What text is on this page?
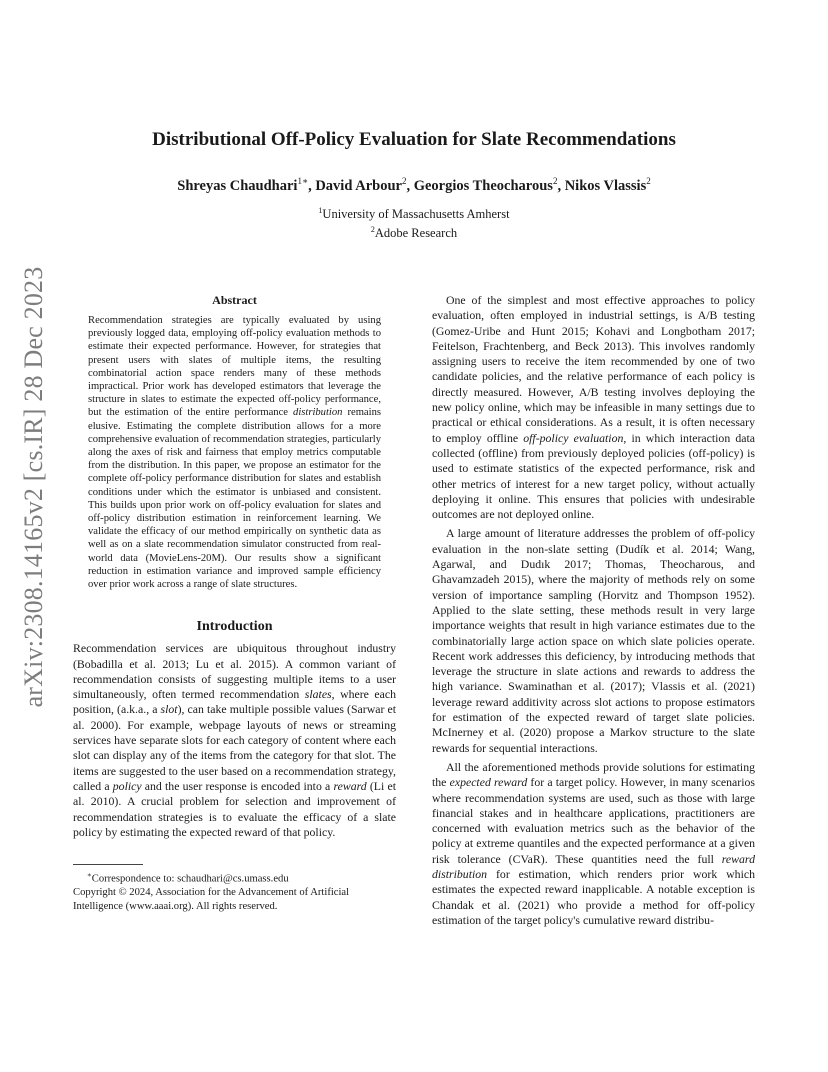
arXiv:2308.14165v2 [cs.IR] 28 Dec 2023
Distributional Off-Policy Evaluation for Slate Recommendations
Shreyas Chaudhari$^{1∗}$, David Arbour$^2$, Georgios Theocharous$^2$, Nikos Vlassis$^2$
$^1$University of Massachusetts Amherst
$^2$Adobe Research
Abstract

Recommendation strategies are typically evaluated by using previously logged data, employing off-policy evaluation methods to estimate their expected performance. However, for strategies that present users with slates of multiple items, the resulting combinatorial action space renders many of these methods impractical. Prior work has developed estimators that leverage the structure in slates to estimate the expected off-policy performance, but the estimation of the entire performance distribution remains elusive. Estimating the complete distribution allows for a more comprehensive evaluation of recommendation strategies, particularly along the axes of risk and fairness that employ metrics computable from the distribution. In this paper, we propose an estimator for the complete off-policy performance distribution for slates and establish conditions under which the estimator is unbiased and consistent. This builds upon prior work on off-policy evaluation for slates and off-policy distribution estimation in reinforcement learning. We validate the efficacy of our method empirically on synthetic data as well as on a slate recommendation simulator constructed from real-world data (MovieLens-20M). Our results show a significant reduction in estimation variance and improved sample efficiency over prior work across a range of slate structures.

Introduction

Recommendation services are ubiquitous throughout industry (Bobadilla et al. 2013; Lu et al. 2015). A common variant of recommendation consists of suggesting multiple items to a user simultaneously, often termed recommendation slates, where each position, (a.k.a., a slot), can take multiple possible values (Sarwar et al. 2000). For example, webpage layouts of news or streaming services have separate slots for each category of content where each slot can display any of the items from the category for that slot. The items are suggested to the user based on a recommendation strategy, called a policy and the user response is encoded into a reward (Li et al. 2010). A crucial problem for selection and improvement of recommendation strategies is to evaluate the efficacy of a slate policy by estimating the expected reward of that policy.

∗Correspondence to: schaudhari@cs.umass.edu

Copyright © 2024, Association for the Advancement of Artificial Intelligence (www.aaai.org). All rights reserved.

One of the simplest and most effective approaches to policy evaluation, often employed in industrial settings, is A/B testing (Gomez-Uribe and Hunt 2015; Kohavi and Longbotham 2017; Feitelson, Frachtenberg, and Beck 2013). This involves randomly assigning users to receive the item recommended by one of two candidate policies, and the relative performance of each policy is directly measured. However, A/B testing involves deploying the new policy online, which may be infeasible in many settings due to practical or ethical considerations. As a result, it is often necessary to employ offline off-policy evaluation, in which interaction data collected (offline) from previously deployed policies (off-policy) is used to estimate statistics of the expected performance, risk and other metrics of interest for a new target policy, without actually deploying it online. This ensures that policies with undesirable outcomes are not deployed online.

A large amount of literature addresses the problem of off-policy evaluation in the non-slate setting (Dudík et al. 2014; Wang, Agarwal, and Dudık 2017; Thomas, Theocharous, and Ghavamzadeh 2015), where the majority of methods rely on some version of importance sampling (Horvitz and Thompson 1952). Applied to the slate setting, these methods result in very large importance weights that result in high variance estimates due to the combinatorially large action space on which slate policies operate. Recent work addresses this deficiency, by introducing methods that leverage the structure in slate actions and rewards to address the high variance. Swaminathan et al. (2017); Vlassis et al. (2021) leverage reward additivity across slot actions to propose estimators for estimation of the expected reward of target slate policies. McInerney et al. (2020) propose a Markov structure to the slate rewards for sequential interactions.

All the aforementioned methods provide solutions for estimating the expected reward for a target policy. However, in many scenarios where recommendation systems are used, such as those with large financial stakes and in healthcare applications, practitioners are concerned with evaluation metrics such as the behavior of the policy at extreme quantiles and the expected performance at a given risk tolerance (CVaR). These quantities need the full reward distribution for estimation, which renders prior work which estimates the expected reward inapplicable. A notable exception is Chandak et al. (2021) who provide a method for off-policy estimation of the target policy's cumulative reward distribu-
